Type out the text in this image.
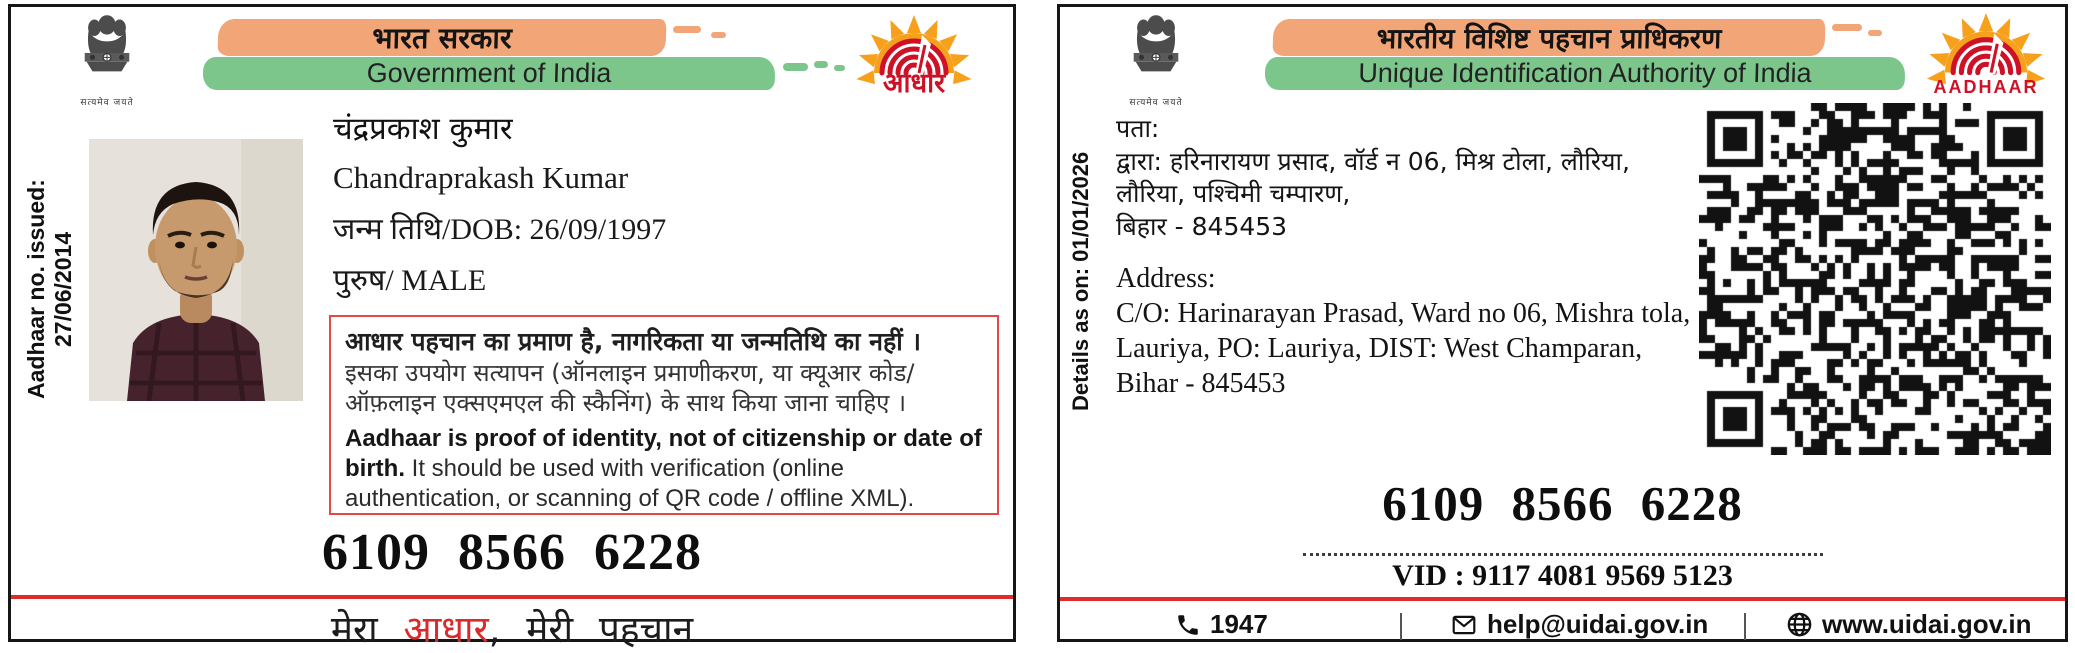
सत्यमेव जयते
भारत सरकार
Government of India	आधार
Aadhaar no. issued: 27/06/2014
चंद्रप्रकाश कुमार
Chandraprakash Kumar
जन्म तिथि/DOB: 26/09/1997
पुरुष/ MALE
आधार पहचान का प्रमाण है, नागरिकता या जन्मतिथि का नहीं ।
इसका उपयोग सत्यापन (ऑनलाइन प्रमाणीकरण, या क्यूआर कोड/ ऑफ़लाइन एक्सएमएल की स्कैनिंग) के साथ किया जाना चाहिए ।

Aadhaar is proof of identity, not of citizenship or date of birth. It should be used with verification (online authentication, or scanning of QR code / offline XML).

6109 8566 6228
मेरा आधार, मेरी पहचान
सत्यमेव जयते
भारतीय विशिष्ट पहचान प्राधिकरण
Unique Identification Authority of India	AADHAAR
Details as on: 01/01/2026
पता:
द्वारा: हरिनारायण प्रसाद, वॉर्ड न 06, मिश्र टोला, लौरिया,
लौरिया, पश्चिमी चम्पारण,
बिहार - 845453
Address:
C/O: Harinarayan Prasad, Ward no 06, Mishra tola,
Lauriya, PO: Lauriya, DIST: West Champaran,
Bihar - 845453
6109 8566 6228
VID : 9117 4081 9569 5123
1947	help@uidai.gov.in	www.uidai.gov.in
